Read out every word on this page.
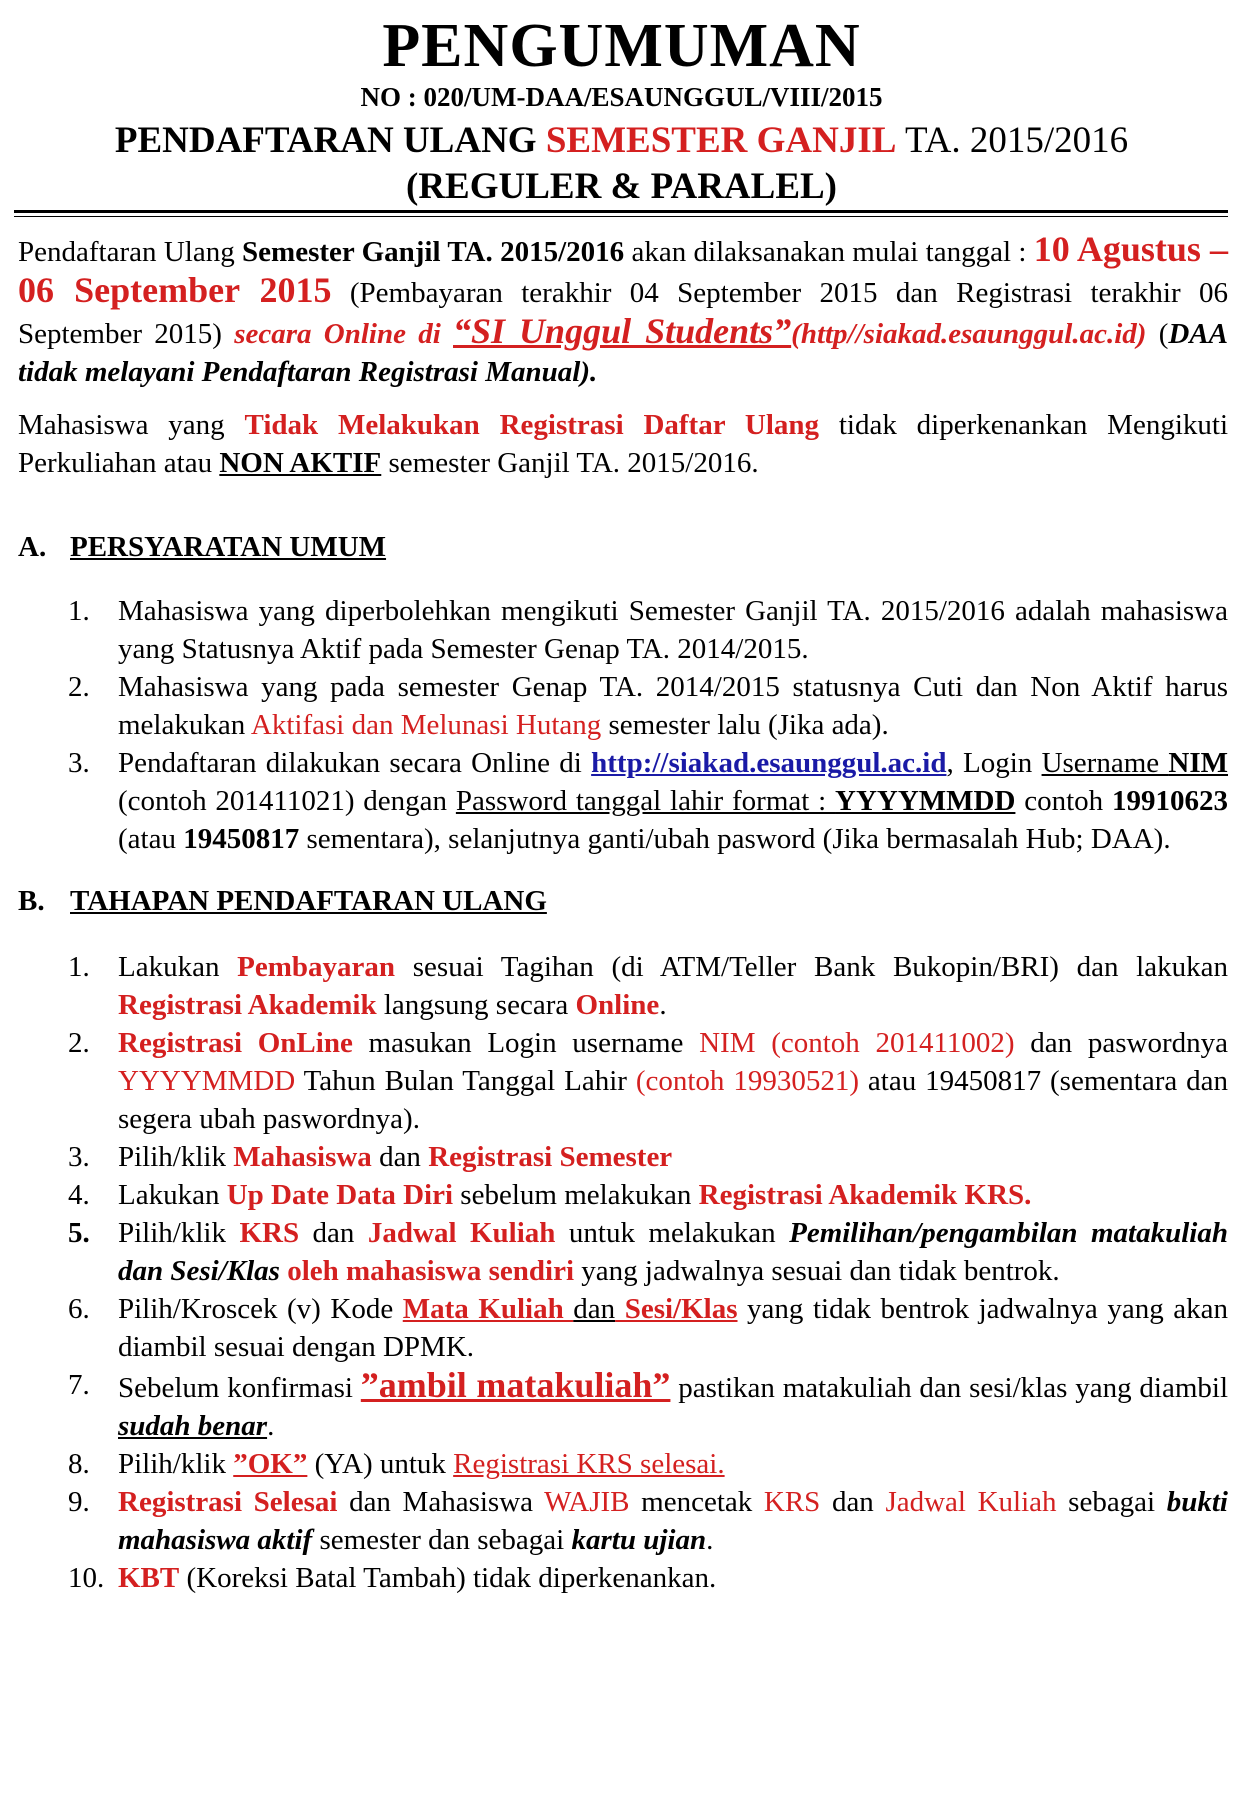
PENGUMUMAN
NO : 020/UM-DAA/ESAUNGGUL/VIII/2015
PENDAFTARAN ULANG SEMESTER GANJIL TA. 2015/2016
(REGULER & PARALEL)
Pendaftaran Ulang Semester Ganjil TA. 2015/2016 akan dilaksanakan mulai tanggal : 10 Agustus – 06 September 2015 (Pembayaran terakhir 04 September 2015 dan Registrasi terakhir 06 September 2015) secara Online di “SI Unggul Students”(http//siakad.esaunggul.ac.id) (DAA tidak melayani Pendaftaran Registrasi Manual).
Mahasiswa yang Tidak Melakukan Registrasi Daftar Ulang tidak diperkenankan Mengikuti Perkuliahan atau NON AKTIF semester Ganjil TA. 2015/2016.
A. PERSYARATAN UMUM
1. Mahasiswa yang diperbolehkan mengikuti Semester Ganjil TA. 2015/2016 adalah mahasiswa yang Statusnya Aktif pada Semester Genap TA. 2014/2015.
2. Mahasiswa yang pada semester Genap TA. 2014/2015 statusnya Cuti dan Non Aktif harus melakukan Aktifasi dan Melunasi Hutang semester lalu (Jika ada).
3. Pendaftaran dilakukan secara Online di http://siakad.esaunggul.ac.id, Login Username NIM (contoh 201411021) dengan Password tanggal lahir format : YYYYMMDD contoh 19910623 (atau 19450817 sementara), selanjutnya ganti/ubah pasword (Jika bermasalah Hub; DAA).
B. TAHAPAN PENDAFTARAN ULANG
1. Lakukan Pembayaran sesuai Tagihan (di ATM/Teller Bank Bukopin/BRI) dan lakukan Registrasi Akademik langsung secara Online.
2. Registrasi OnLine masukan Login username NIM (contoh 201411002) dan paswordnya YYYYMMDD Tahun Bulan Tanggal Lahir (contoh 19930521) atau 19450817 (sementara dan segera ubah paswordnya).
3. Pilih/klik Mahasiswa dan Registrasi Semester
4. Lakukan Up Date Data Diri sebelum melakukan Registrasi Akademik KRS.
5. Pilih/klik KRS dan Jadwal Kuliah untuk melakukan Pemilihan/pengambilan matakuliah dan Sesi/Klas oleh mahasiswa sendiri yang jadwalnya sesuai dan tidak bentrok.
6. Pilih/Kroscek (v) Kode Mata Kuliah dan Sesi/Klas yang tidak bentrok jadwalnya yang akan diambil sesuai dengan DPMK.
7. Sebelum konfirmasi ”ambil matakuliah” pastikan matakuliah dan sesi/klas yang diambil sudah benar.
8. Pilih/klik ”OK” (YA) untuk Registrasi KRS selesai.
9. Registrasi Selesai dan Mahasiswa WAJIB mencetak KRS dan Jadwal Kuliah sebagai bukti mahasiswa aktif semester dan sebagai kartu ujian.
10. KBT (Koreksi Batal Tambah) tidak diperkenankan.
